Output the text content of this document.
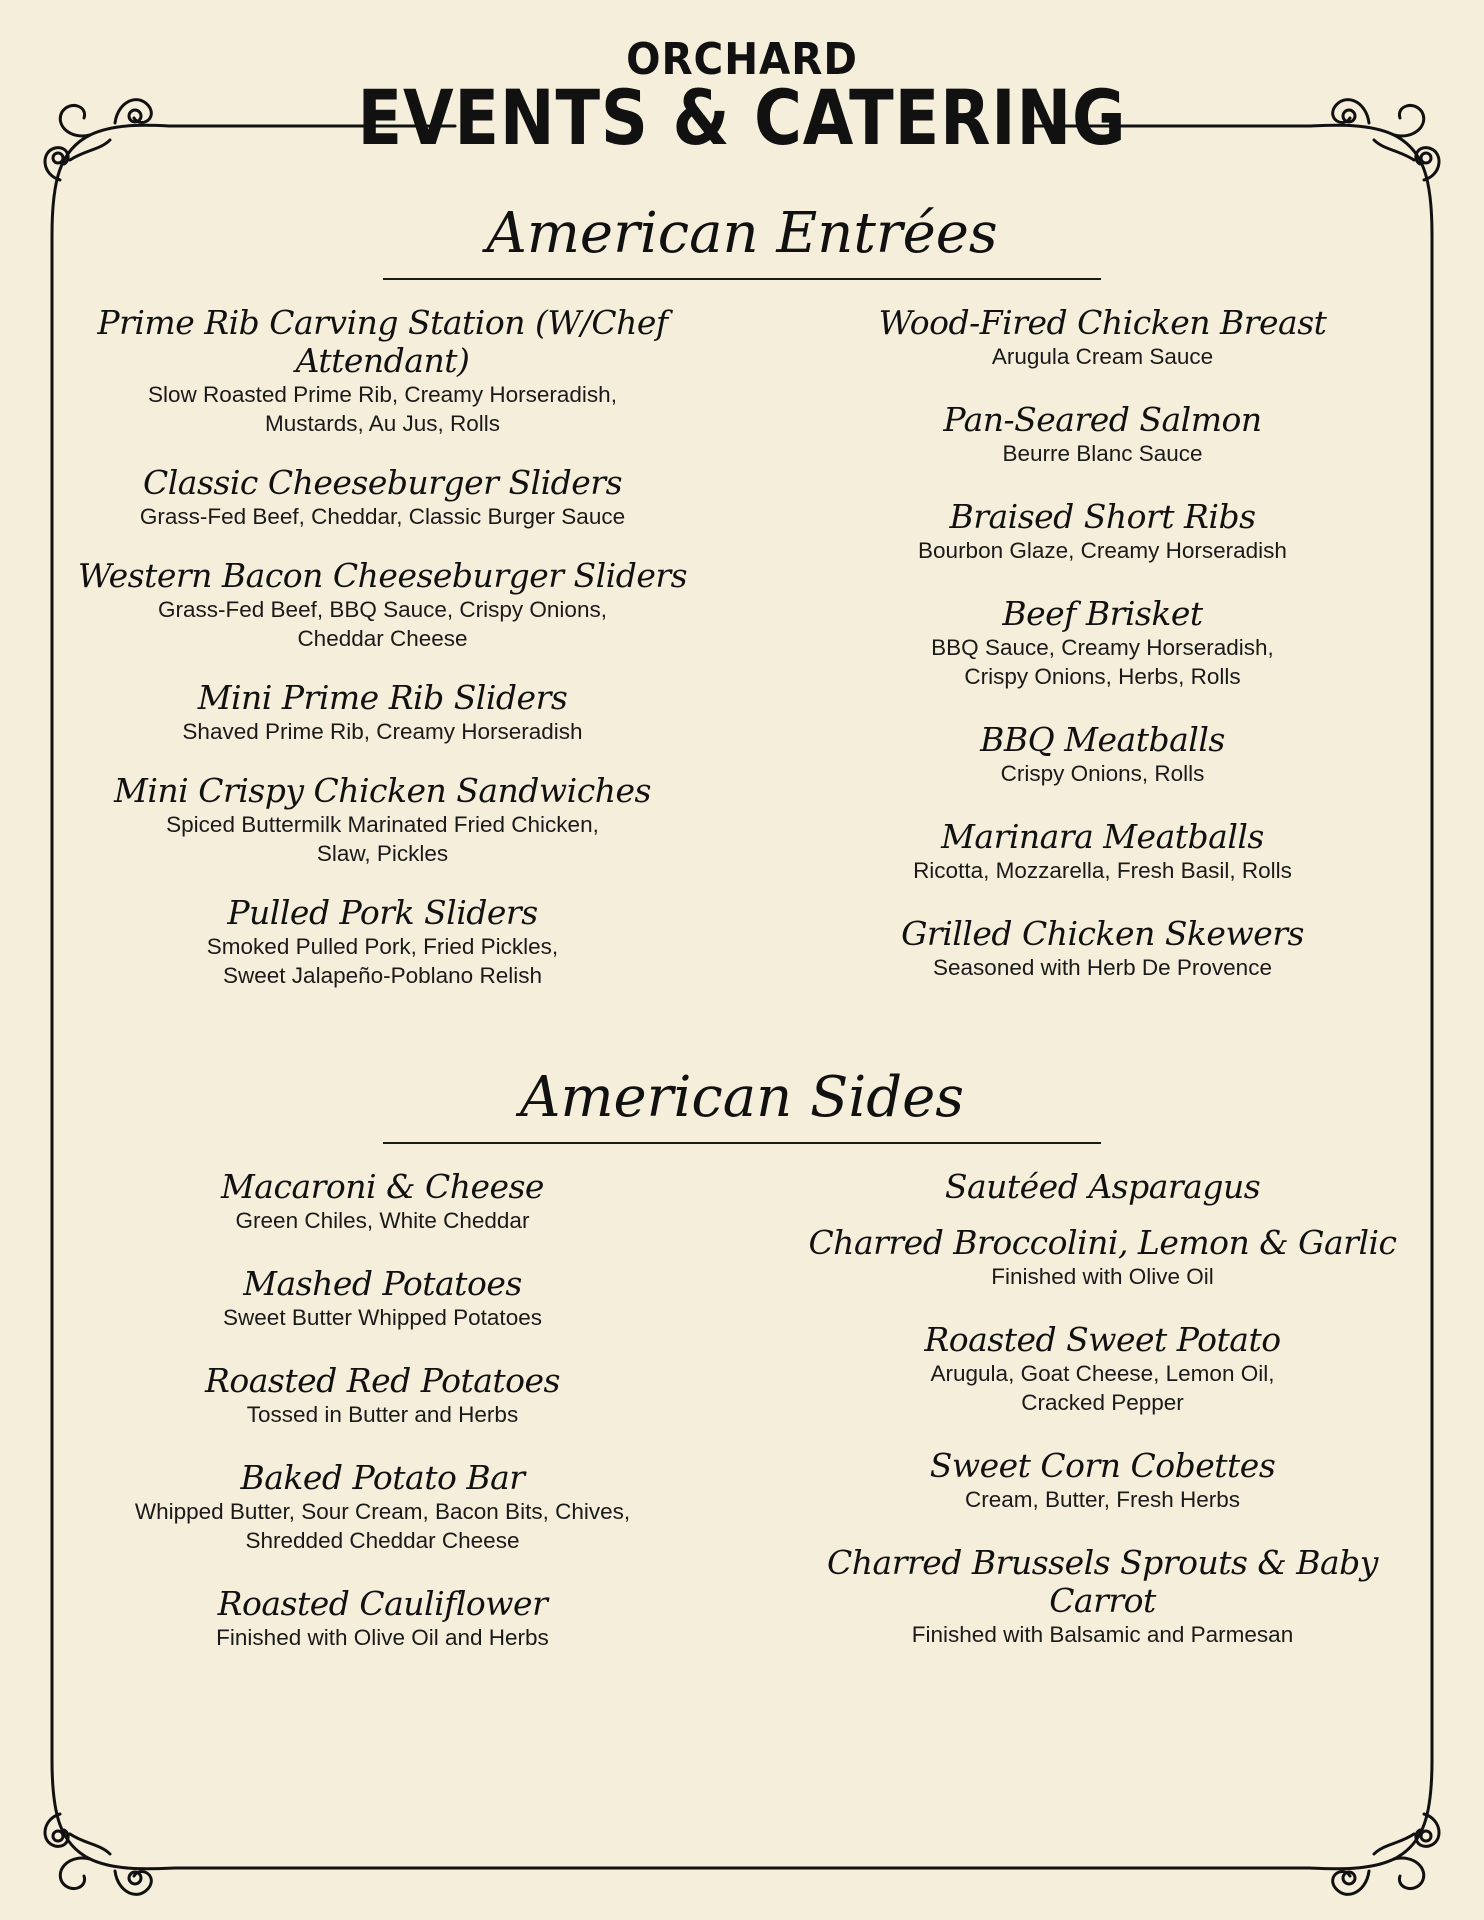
ORCHARD
EVENTS & CATERING
American Entrées
Prime Rib Carving Station (W/Chef Attendant)
Slow Roasted Prime Rib, Creamy Horseradish,
Mustards, Au Jus, Rolls
Classic Cheeseburger Sliders
Grass-Fed Beef, Cheddar, Classic Burger Sauce
Western Bacon Cheeseburger Sliders
Grass-Fed Beef, BBQ Sauce, Crispy Onions,
Cheddar Cheese
Mini Prime Rib Sliders
Shaved Prime Rib, Creamy Horseradish
Mini Crispy Chicken Sandwiches
Spiced Buttermilk Marinated Fried Chicken,
Slaw, Pickles
Pulled Pork Sliders
Smoked Pulled Pork, Fried Pickles,
Sweet Jalapeño-Poblano Relish
Wood-Fired Chicken Breast
Arugula Cream Sauce
Pan-Seared Salmon
Beurre Blanc Sauce
Braised Short Ribs
Bourbon Glaze, Creamy Horseradish
Beef Brisket
BBQ Sauce, Creamy Horseradish,
Crispy Onions, Herbs, Rolls
BBQ Meatballs
Crispy Onions, Rolls
Marinara Meatballs
Ricotta, Mozzarella, Fresh Basil, Rolls
Grilled Chicken Skewers
Seasoned with Herb De Provence
American Sides
Macaroni & Cheese
Green Chiles, White Cheddar
Mashed Potatoes
Sweet Butter Whipped Potatoes
Roasted Red Potatoes
Tossed in Butter and Herbs
Baked Potato Bar
Whipped Butter, Sour Cream, Bacon Bits, Chives,
Shredded Cheddar Cheese
Roasted Cauliflower
Finished with Olive Oil and Herbs
Sautéed Asparagus
Charred Broccolini, Lemon & Garlic
Finished with Olive Oil
Roasted Sweet Potato
Arugula, Goat Cheese, Lemon Oil,
Cracked Pepper
Sweet Corn Cobettes
Cream, Butter, Fresh Herbs
Charred Brussels Sprouts & Baby Carrot
Finished with Balsamic and Parmesan
